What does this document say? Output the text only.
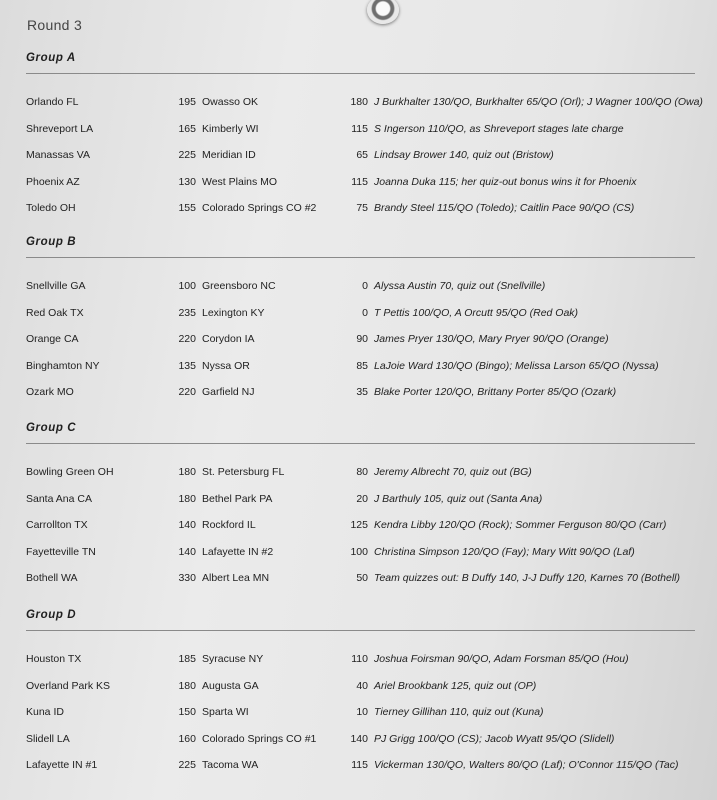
Round 3
Group A
Orlando FL	195 Owasso OK	180 J Burkhalter 130/QO, Burkhalter 65/QO (Orl); J Wagner 100/QO (Owa)
Shreveport LA	165 Kimberly WI	115 S Ingerson 110/QO, as Shreveport stages late charge
Manassas VA	225 Meridian ID	65 Lindsay Brower 140, quiz out (Bristow)
Phoenix AZ	130 West Plains MO	115 Joanna Duka 115; her quiz-out bonus wins it for Phoenix
Toledo OH	155 Colorado Springs CO #2	75 Brandy Steel 115/QO (Toledo); Caitlin Pace 90/QO (CS)
Group B
Snellville GA	100 Greensboro NC	0 Alyssa Austin 70, quiz out (Snellville)
Red Oak TX	235 Lexington KY	0 T Pettis 100/QO, A Orcutt 95/QO (Red Oak)
Orange CA	220 Corydon IA	90 James Pryer 130/QO, Mary Pryer 90/QO (Orange)
Binghamton NY	135 Nyssa OR	85 LaJoie Ward 130/QO (Bingo); Melissa Larson 65/QO (Nyssa)
Ozark MO	220 Garfield NJ	35 Blake Porter 120/QO, Brittany Porter 85/QO (Ozark)
Group C
Bowling Green OH	180 St. Petersburg FL	80 Jeremy Albrecht 70, quiz out (BG)
Santa Ana CA	180 Bethel Park PA	20 J Barthuly 105, quiz out (Santa Ana)
Carrollton TX	140 Rockford IL	125 Kendra Libby 120/QO (Rock); Sommer Ferguson 80/QO (Carr)
Fayetteville TN	140 Lafayette IN #2	100 Christina Simpson 120/QO (Fay); Mary Witt 90/QO (Laf)
Bothell WA	330 Albert Lea MN	50 Team quizzes out: B Duffy 140, J-J Duffy 120, Karnes 70 (Bothell)
Group D
Houston TX	185 Syracuse NY	110 Joshua Foirsman 90/QO, Adam Forsman 85/QO (Hou)
Overland Park KS	180 Augusta GA	40 Ariel Brookbank 125, quiz out (OP)
Kuna ID	150 Sparta WI	10 Tierney Gillihan 110, quiz out (Kuna)
Slidell LA	160 Colorado Springs CO #1	140 PJ Grigg 100/QO (CS); Jacob Wyatt 95/QO (Slidell)
Lafayette IN #1	225 Tacoma WA	115 Vickerman 130/QO, Walters 80/QO (Laf); O'Connor 115/QO (Tac)
